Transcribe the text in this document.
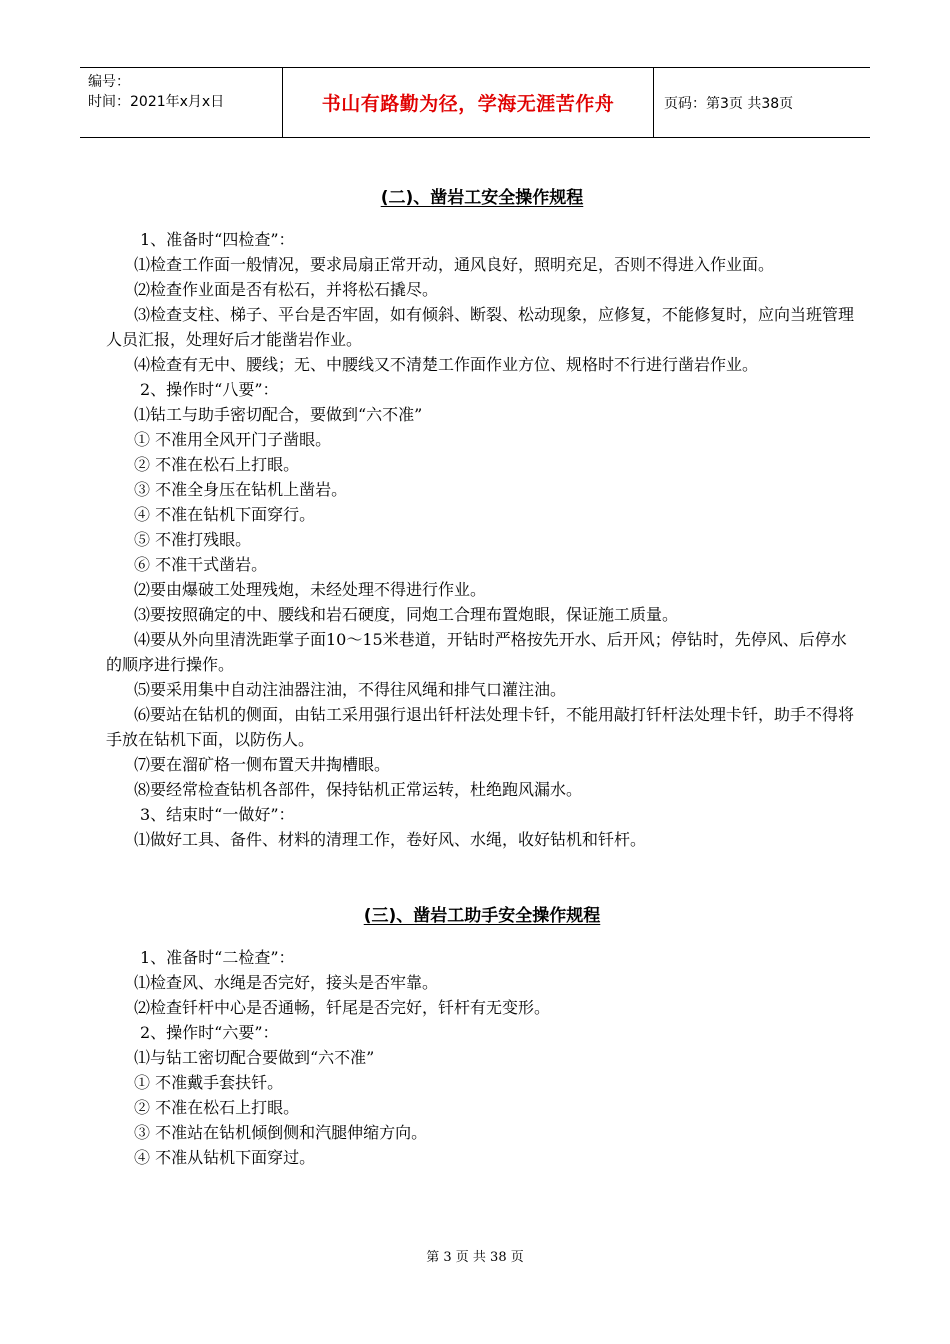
编号：
时间：2021年x月x日	书山有路勤为径，学海无涯苦作舟	页码：第3页 共38页

(二)、凿岩工安全操作规程

1、准备时“四检查”：

⑴检查工作面一般情况，要求局扇正常开动，通风良好，照明充足，否则不得进入作业面。

⑵检查作业面是否有松石，并将松石撬尽。

⑶检查支柱、梯子、平台是否牢固，如有倾斜、断裂、松动现象，应修复，不能修复时，应向当班管理人员汇报，处理好后才能凿岩作业。

⑷检查有无中、腰线；无、中腰线又不清楚工作面作业方位、规格时不行进行凿岩作业。

2、操作时“八要”：

⑴钻工与助手密切配合，要做到“六不准”

① 不准用全风开门子凿眼。

② 不准在松石上打眼。

③ 不准全身压在钻机上凿岩。

④ 不准在钻机下面穿行。

⑤ 不准打残眼。

⑥ 不准干式凿岩。

⑵要由爆破工处理残炮，未经处理不得进行作业。

⑶要按照确定的中、腰线和岩石硬度，同炮工合理布置炮眼，保证施工质量。

⑷要从外向里清洗距掌子面10～15米巷道，开钻时严格按先开水、后开风；停钻时，先停风、后停水的顺序进行操作。

⑸要采用集中自动注油器注油，不得往风绳和排气口灌注油。

⑹要站在钻机的侧面，由钻工采用强行退出钎杆法处理卡钎，不能用敲打钎杆法处理卡钎，助手不得将手放在钻机下面，以防伤人。

⑺要在溜矿格一侧布置天井掏槽眼。

⑻要经常检查钻机各部件，保持钻机正常运转，杜绝跑风漏水。

3、结束时“一做好”：

⑴做好工具、备件、材料的清理工作，卷好风、水绳，收好钻机和钎杆。

(三)、凿岩工助手安全操作规程

1、准备时“二检查”：

⑴检查风、水绳是否完好，接头是否牢靠。

⑵检查钎杆中心是否通畅，钎尾是否完好，钎杆有无变形。

2、操作时“六要”：

⑴与钻工密切配合要做到“六不准”

① 不准戴手套扶钎。

② 不准在松石上打眼。

③ 不准站在钻机倾倒侧和汽腿伸缩方向。

④ 不准从钻机下面穿过。

第 3 页 共 38 页
